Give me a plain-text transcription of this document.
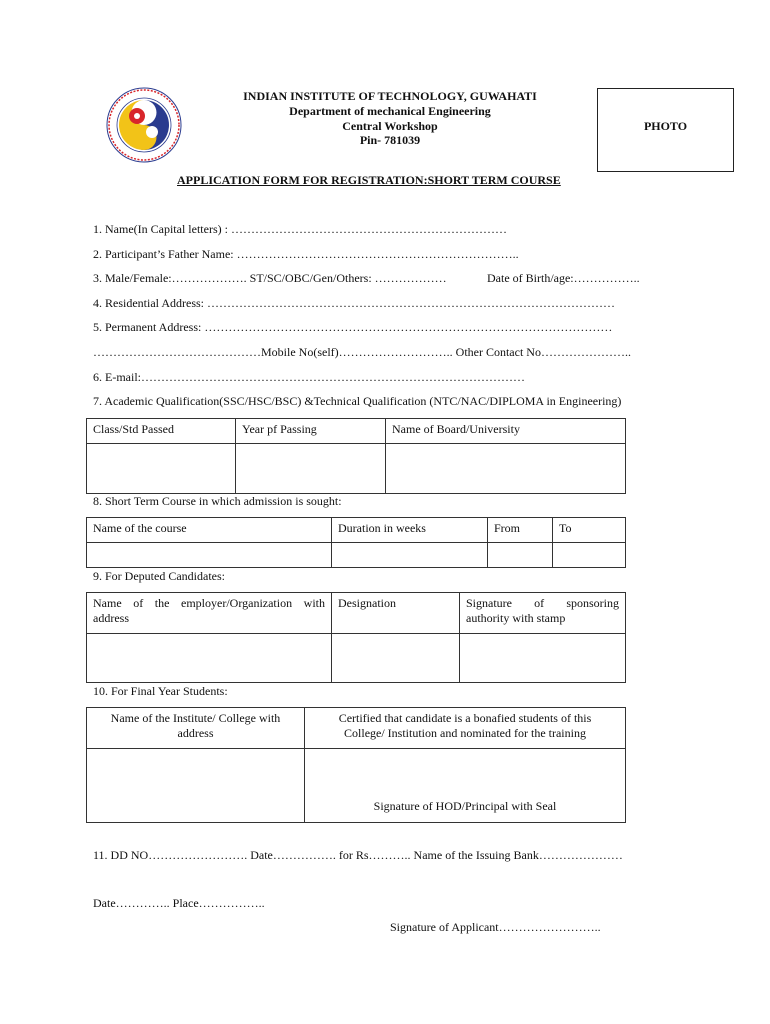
INDIAN INSTITUTE OF TECHNOLOGY, GUWAHATI
Department of mechanical Engineering
Central Workshop
Pin- 781039
PHOTO
APPLICATION FORM FOR REGISTRATION:SHORT TERM COURSE
1. Name(In Capital letters) : ……………………………………………………………
2. Participant’s Father Name: ……………………………………………………………..
3. Male/Female:………………. ST/SC/OBC/Gen/Others: ………………	Date of Birth/age:……………..
4. Residential Address: …………………………………………………………………………………………
5. Permanent Address: …………………………………………………………………………………………
……………………………………Mobile No(self)……………………….. Other Contact No…………………..
6. E-mail:……………………………………………………………………………………
7. Academic Qualification(SSC/HSC/BSC) &Technical Qualification (NTC/NAC/DIPLOMA in Engineering)
Class/Std Passed	Year pf Passing	Name of Board/University

8. Short Term Course in which admission is sought:
Name of the course	Duration in weeks	From	To

9. For Deputed Candidates:
Name of the employer/Organization with address	Designation	Signature of sponsoring authority with stamp

10. For Final Year Students:
Name of the Institute/ College with address	Certified that candidate is a bonafied students of this College/ Institution and nominated for the training
	Signature of HOD/Principal with Seal
11. DD NO……………………. Date……………. for Rs……….. Name of the Issuing Bank…………………
Date………….. Place……………..
Signature of Applicant……………………..
